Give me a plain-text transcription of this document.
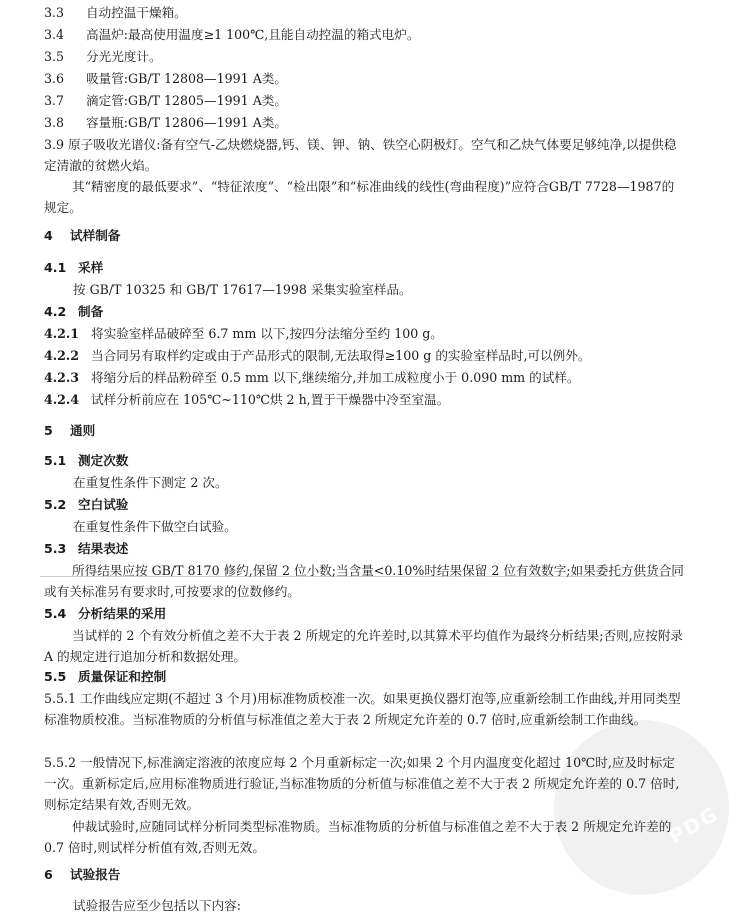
PDG
3.3 自动控温干燥箱。
3.4 高温炉:最高使用温度≥1 100℃,且能自动控温的箱式电炉。
3.5 分光光度计。
3.6 吸量管:GB/T 12808—1991 A类。
3.7 滴定管:GB/T 12805—1991 A类。
3.8 容量瓶:GB/T 12806—1991 A类。

3.9 原子吸收光谱仪:备有空气-乙炔燃烧器,钙、镁、钾、钠、铁空心阴极灯。空气和乙炔气体要足够纯净,以提供稳定清澈的贫燃火焰。

其“精密度的最低要求”、“特征浓度”、“检出限”和“标准曲线的线性(弯曲程度)”应符合GB/T 7728—1987的规定。

4 试样制备
4.1 采样
按 GB/T 10325 和 GB/T 17617—1998 采集实验室样品。
4.2 制备
4.2.1 将实验室样品破碎至 6.7 mm 以下,按四分法缩分至约 100 g。
4.2.2 当合同另有取样约定或由于产品形式的限制,无法取得≥100 g 的实验室样品时,可以例外。
4.2.3 将缩分后的样品粉碎至 0.5 mm 以下,继续缩分,并加工成粒度小于 0.090 mm 的试样。
4.2.4 试样分析前应在 105℃~110℃烘 2 h,置于干燥器中冷至室温。
5 通则
5.1 测定次数
在重复性条件下测定 2 次。
5.2 空白试验
在重复性条件下做空白试验。
5.3 结果表述

所得结果应按 GB/T 8170 修约,保留 2 位小数;当含量<0.10%时结果保留 2 位有效数字;如果委托方供货合同或有关标准另有要求时,可按要求的位数修约。

5.4 分析结果的采用

当试样的 2 个有效分析值之差不大于表 2 所规定的允许差时,以其算术平均值作为最终分析结果;否则,应按附录 A 的规定进行追加分析和数据处理。

5.5 质量保证和控制

5.5.1 工作曲线应定期(不超过 3 个月)用标准物质校准一次。如果更换仪器灯泡等,应重新绘制工作曲线,并用同类型标准物质校准。当标准物质的分析值与标准值之差大于表 2 所规定允许差的 0.7 倍时,应重新绘制工作曲线。

5.5.2 一般情况下,标准滴定溶液的浓度应每 2 个月重新标定一次;如果 2 个月内温度变化超过 10℃时,应及时标定一次。重新标定后,应用标准物质进行验证,当标准物质的分析值与标准值之差不大于表 2 所规定允许差的 0.7 倍时,则标定结果有效,否则无效。

仲裁试验时,应随同试样分析同类型标准物质。当标准物质的分析值与标准值之差不大于表 2 所规定允许差的 0.7 倍时,则试样分析值有效,否则无效。

6 试验报告
试验报告应至少包括以下内容:
